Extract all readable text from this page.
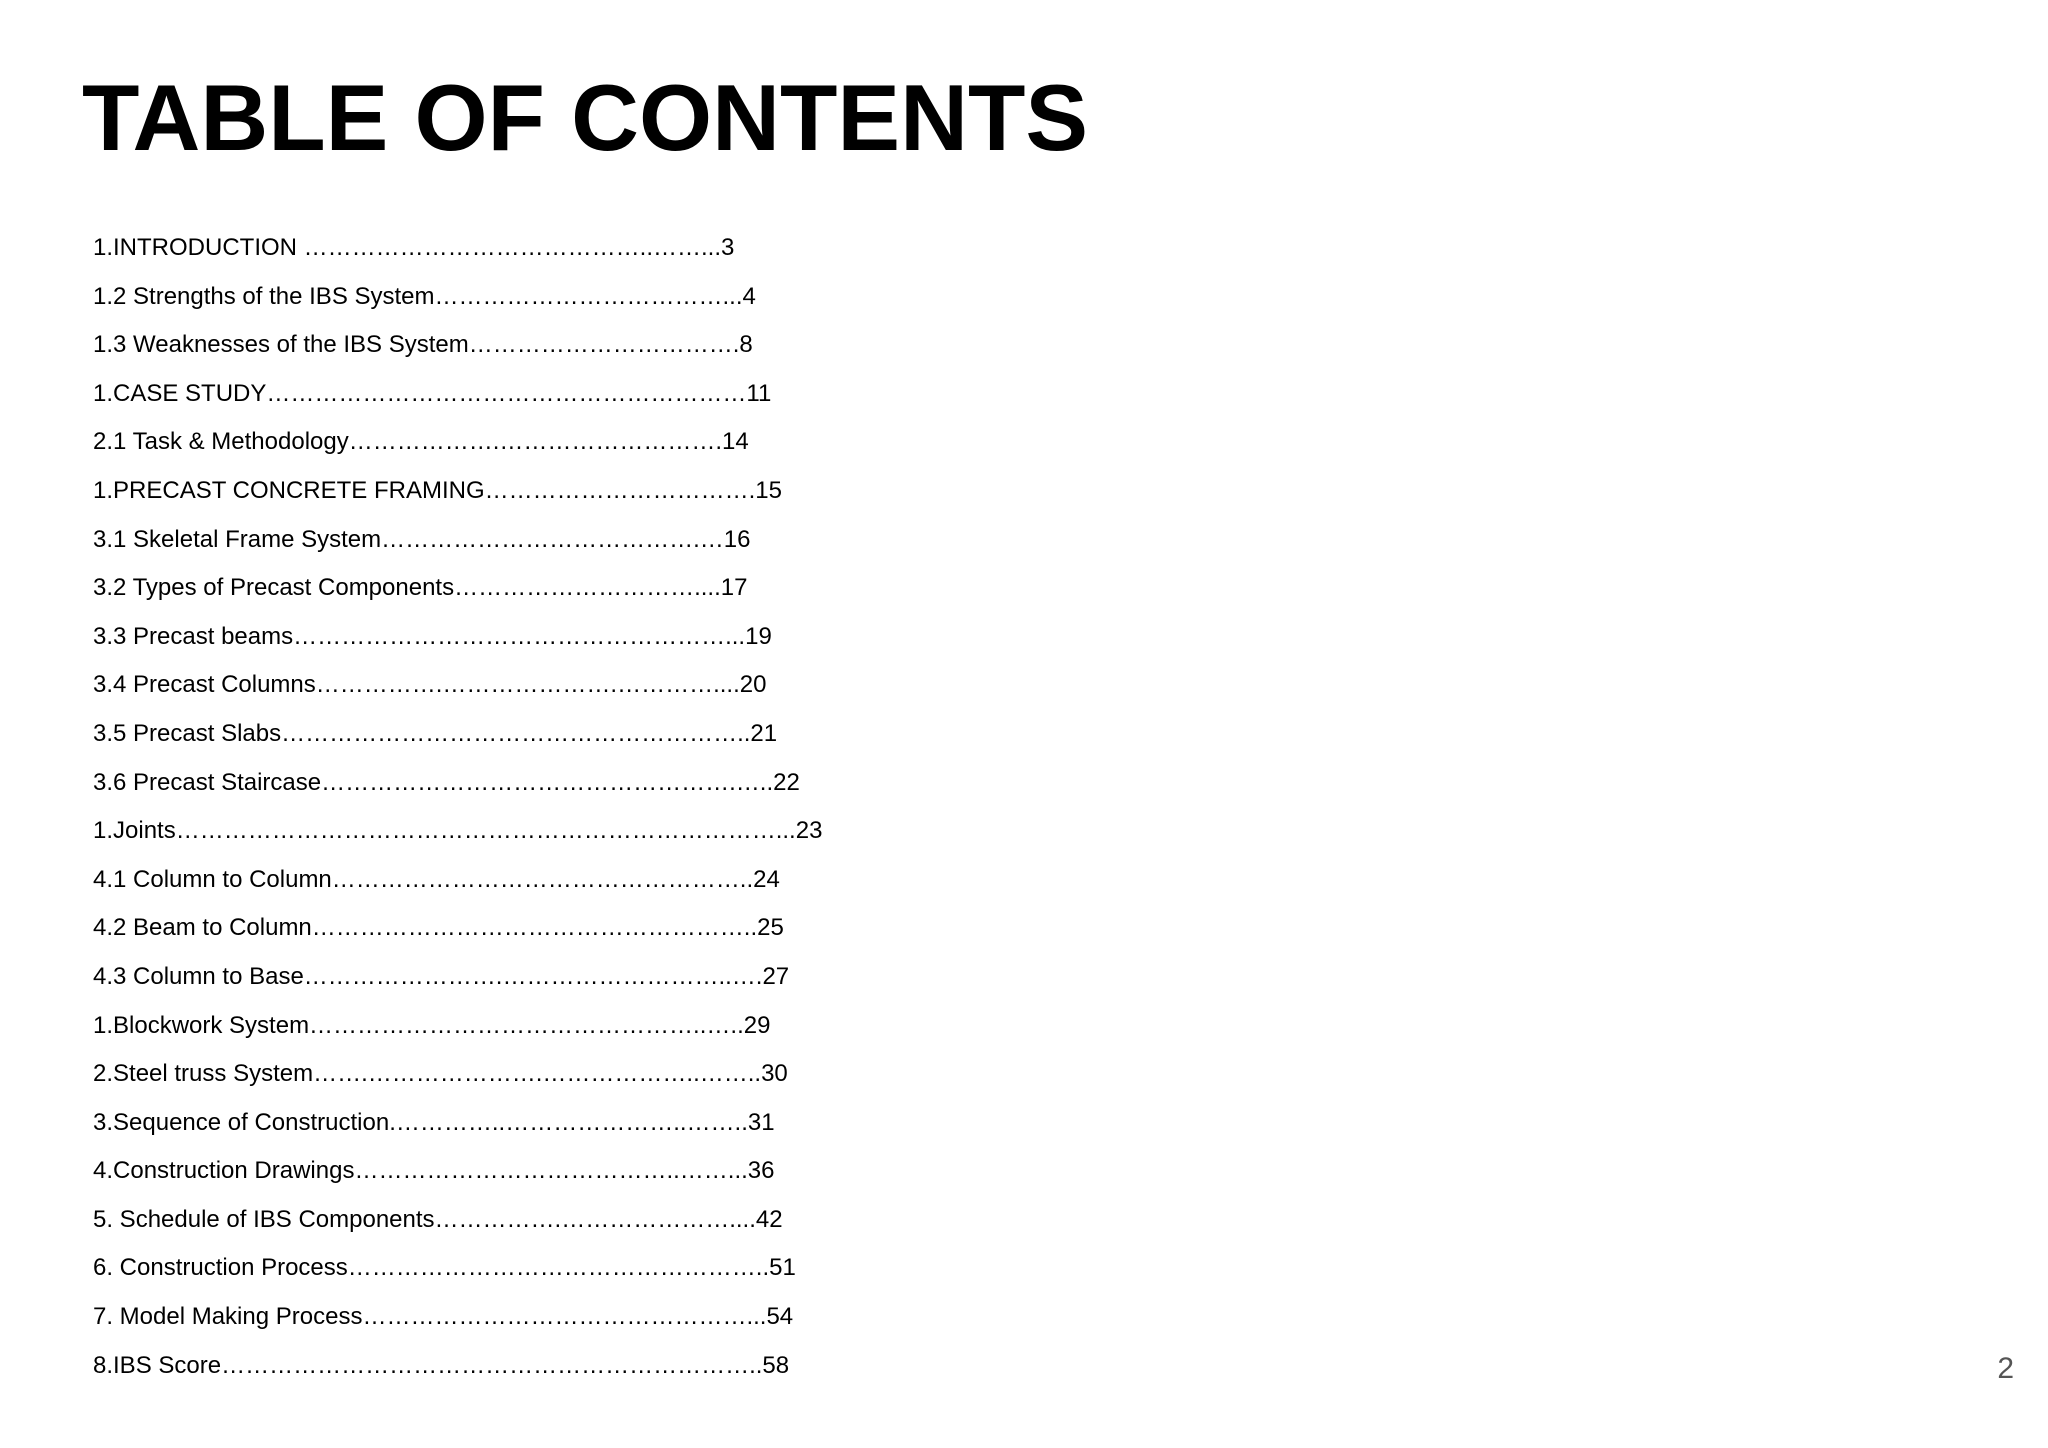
TABLE OF CONTENTS
1.INTRODUCTION ……………………………………..……...3
1.2 Strengths of the IBS System………………………………...4
1.3 Weaknesses of the IBS System…………………………….8
1.CASE STUDY……………………………………………………11
2.1 Task & Methodology……………….……………………….14
1.PRECAST CONCRETE FRAMING…………………………….15
3.1 Skeletal Frame System………………………………….…16
3.2 Types of Precast Components…………………………....17
3.3 Precast beams………………………………………………...19
3.4 Precast Columns…………….………………….…………....20
3.5 Precast Slabs…………………………………………………..21
3.6 Precast Staircase…………………………………………….…..22
1.Joints…………………………………………………………………...23
4.1 Column to Column……………………………………………..24
4.2 Beam to Column………………………………………………..25
4.3 Column to Base…………………….………………………..….27
1.Blockwork System…………………………………………..…..29
2.Steel truss System…….………………….………………..……..30
3.Sequence of Construction.…………..…………………..……..31
4.Construction Drawings…………………………………..……...36
5. Schedule of IBS Components…………….…………………....42
6. Construction Process……………………………………………..51
7. Model Making Process…………………………………………...54
8.IBS Score…………………………………………………………..58	2
